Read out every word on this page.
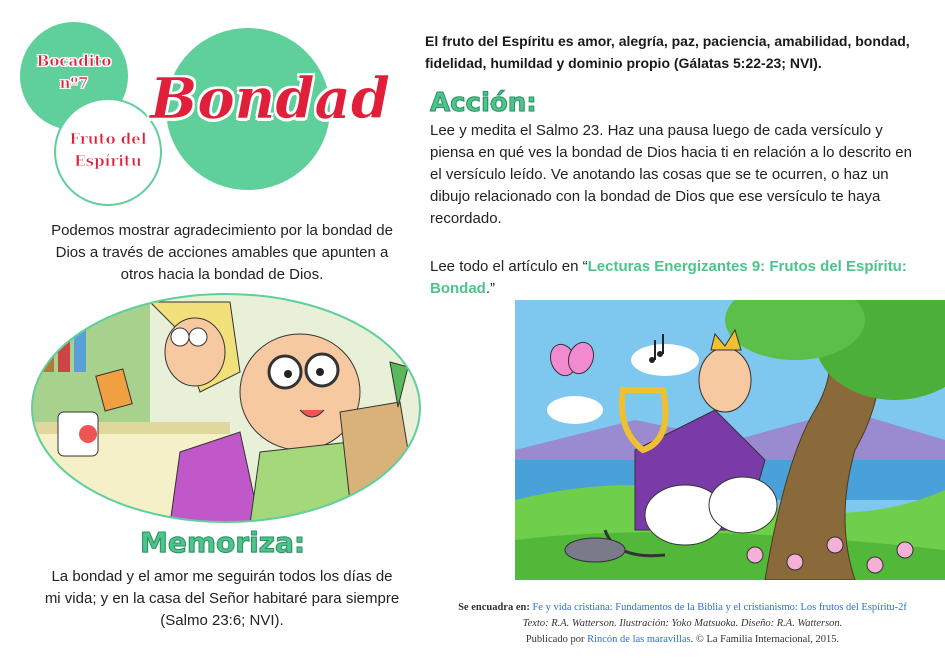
Bocadito
nº7
Fruto del
Espíritu
Bondad
Podemos mostrar agradecimiento por la bondad de Dios a través de acciones amables que apunten a otros hacia la bondad de Dios.
El fruto del Espíritu es amor, alegría, paz, paciencia, amabilidad, bondad, fidelidad, humildad y dominio propio (Gálatas 5:22-23; NVI).
Acción:
Lee y medita el Salmo 23. Haz una pausa luego de cada versículo y piensa en qué ves la bondad de Dios hacia ti en relación a lo descrito en el versículo leído. Ve anotando las cosas que se te ocurren, o haz un dibujo relacionado con la bondad de Dios que ese versículo te haya recordado.
Lee todo el artículo en “Lecturas Energizantes 9: Frutos del Espíritu: Bondad.”
Memoriza:
La bondad y el amor me seguirán todos los días de mi vida; y en la casa del Señor habitaré para siempre (Salmo 23:6; NVI).
Se encuadra en: Fe y vida cristiana: Fundamentos de la Biblia y el cristianismo: Los frutos del Espíritu-2f
Texto: R.A. Watterson. Ilustración: Yoko Matsuoka. Diseño: R.A. Watterson.
Publicado por Rincón de las maravillas. © La Familia Internacional, 2015.
